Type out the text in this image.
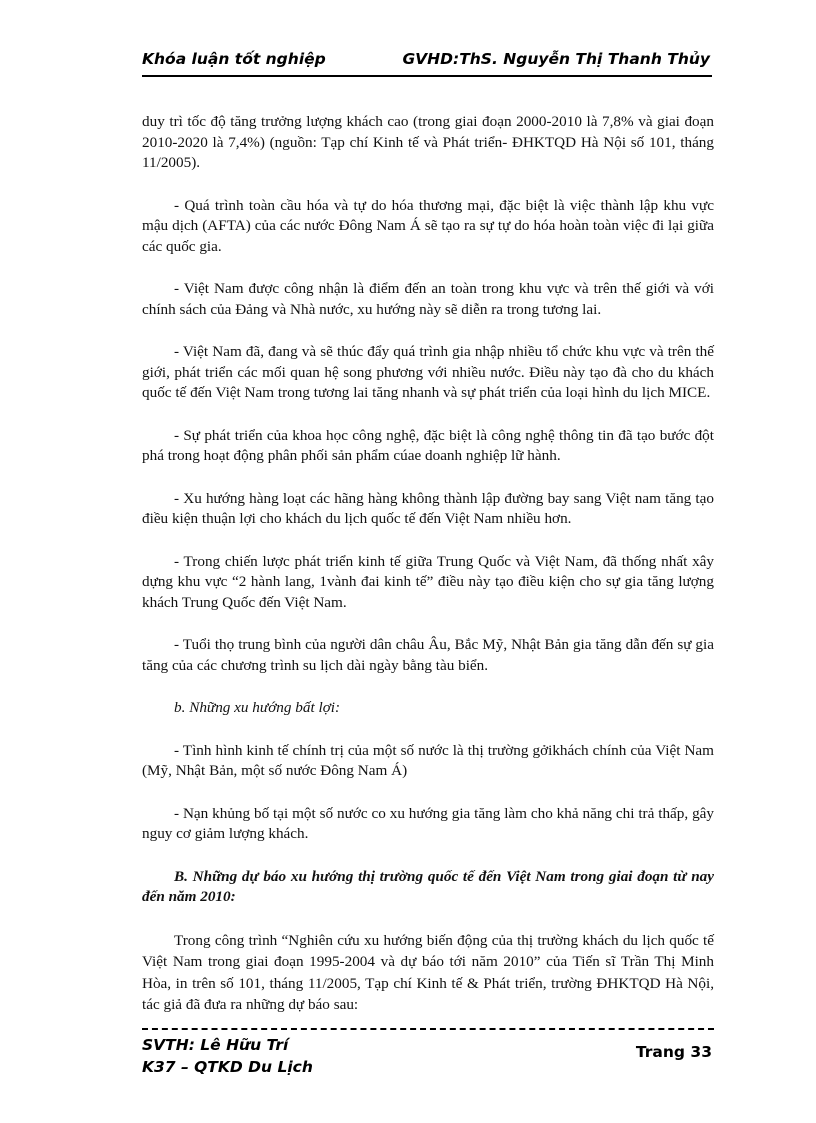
Khóa luận tốt nghiệp	GVHD:ThS. Nguyễn Thị Thanh Thủy

duy trì tốc độ tăng trưởng lượng khách cao (trong giai đoạn 2000-2010 là 7,8% và giai đoạn 2010-2020 là 7,4%) (nguồn: Tạp chí Kinh tế và Phát triển- ĐHKTQD Hà Nội số 101, tháng 11/2005).

- Quá trình toàn cầu hóa và tự do hóa thương mại, đặc biệt là việc thành lập khu vực mậu dịch (AFTA) của các nước Đông Nam Á sẽ tạo ra sự tự do hóa hoàn toàn việc đi lại giữa các quốc gia.

- Việt Nam được công nhận là điểm đến an toàn trong khu vực và trên thế giới và với chính sách của Đảng và Nhà nước, xu hướng này sẽ diễn ra trong tương lai.

- Việt Nam đã, đang và sẽ thúc đẩy quá trình gia nhập nhiều tổ chức khu vực và trên thế giới, phát triển các mối quan hệ song phương với nhiều nước. Điều này tạo đà cho du khách quốc tế đến Việt Nam trong tương lai tăng nhanh và sự phát triển của loại hình du lịch MICE.

- Sự phát triển của khoa học công nghệ, đặc biệt là công nghệ thông tin đã tạo bước đột phá trong hoạt động phân phối sản phẩm cúae doanh nghiệp lữ hành.

- Xu hướng hàng loạt các hãng hàng không thành lập đường bay sang Việt nam tăng tạo điều kiện thuận lợi cho khách du lịch quốc tế đến Việt Nam nhiều hơn.

- Trong chiến lược phát triển kinh tế giữa Trung Quốc và Việt Nam, đã thống nhất xây dựng khu vực “2 hành lang, 1vành đai kinh tế” điều này tạo điều kiện cho sự gia tăng lượng khách Trung Quốc đến Việt Nam.

- Tuổi thọ trung bình của người dân châu Âu, Bắc Mỹ, Nhật Bản gia tăng dẫn đến sự gia tăng của các chương trình su lịch dài ngày bằng tàu biển.

b. Những xu hướng bất lợi:

- Tình hình kinh tế chính trị của một số nước là thị trường gởikhách chính của Việt Nam (Mỹ, Nhật Bản, một số nước Đông Nam Á)

- Nạn khủng bố tại một số nước co xu hướng gia tăng làm cho khả năng chi trả thấp, gây nguy cơ giảm lượng khách.

B. Những dự báo xu hướng thị trường quốc tế đến Việt Nam trong giai đoạn từ nay đến năm 2010:

Trong công trình “Nghiên cứu xu hướng biến động của thị trường khách du lịch quốc tế Việt Nam trong giai đoạn 1995-2004 và dự báo tới năm 2010” của Tiến sĩ Trần Thị Minh Hòa, in trên số 101, tháng 11/2005, Tạp chí Kinh tế & Phát triển, trường ĐHKTQD Hà Nội, tác giả đã đưa ra những dự báo sau:

SVTH: Lê Hữu Trí
K37 – QTKD Du Lịch
Trang 33
